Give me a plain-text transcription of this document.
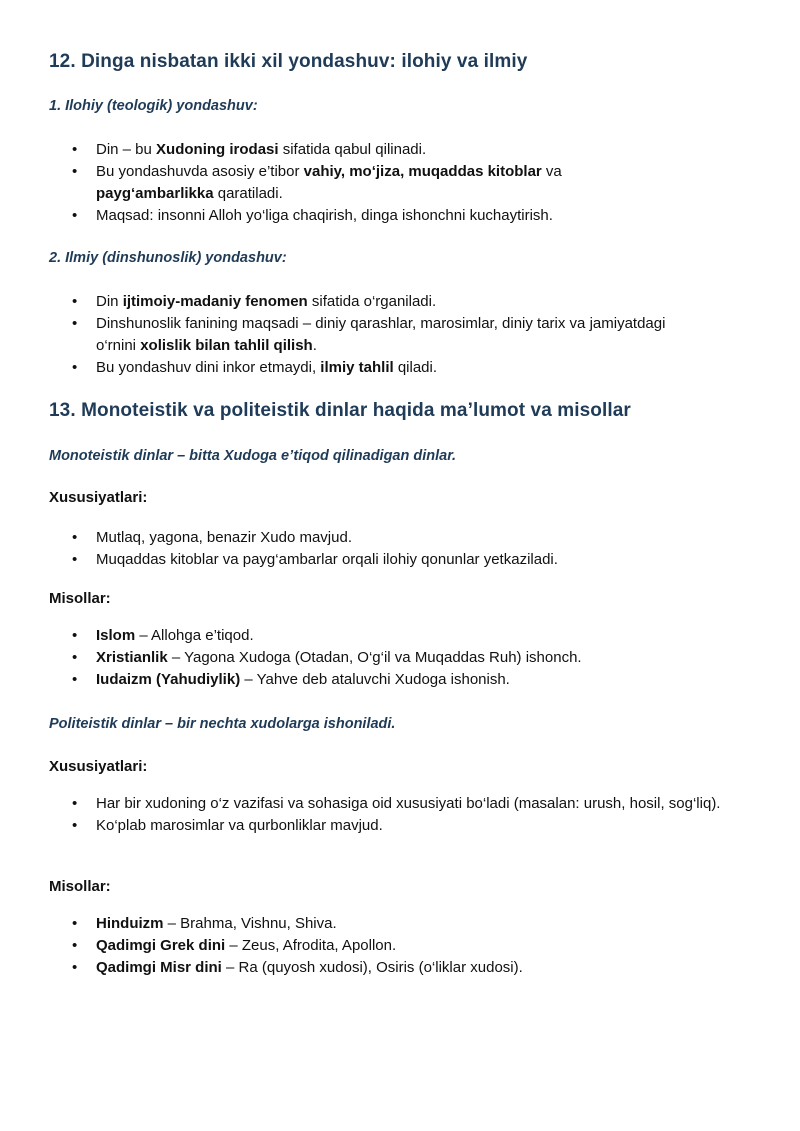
12. Dinga nisbatan ikki xil yondashuv: ilohiy va ilmiy
1. Ilohiy (teologik) yondashuv:
• Din – bu Xudoning irodasi sifatida qabul qilinadi.
• Bu yondashuvda asosiy e’tibor vahiy, mo‘jiza, muqaddas kitoblar va
payg‘ambarlikka qaratiladi.
• Maqsad: insonni Alloh yo‘liga chaqirish, dinga ishonchni kuchaytirish.
2. Ilmiy (dinshunoslik) yondashuv:
• Din ijtimoiy-madaniy fenomen sifatida o‘rganiladi.
• Dinshunoslik fanining maqsadi – diniy qarashlar, marosimlar, diniy tarix va jamiyatdagi o‘rnini xolislik bilan tahlil qilish.
• Bu yondashuv dini inkor etmaydi, ilmiy tahlil qiladi.
13. Monoteistik va politeistik dinlar haqida ma’lumot va misollar
Monoteistik dinlar – bitta Xudoga e’tiqod qilinadigan dinlar.

Xususiyatlari:

• Mutlaq, yagona, benazir Xudo mavjud.
• Muqaddas kitoblar va payg‘ambarlar orqali ilohiy qonunlar yetkaziladi.

Misollar:

• Islom – Allohga e’tiqod.
• Xristianlik – Yagona Xudoga (Otadan, O‘g‘il va Muqaddas Ruh) ishonch.
• Iudaizm (Yahudiylik) – Yahve deb ataluvchi Xudoga ishonish.
Politeistik dinlar – bir nechta xudolarga ishoniladi.

Xususiyatlari:

• Har bir xudoning o‘z vazifasi va sohasiga oid xususiyati bo‘ladi (masalan: urush, hosil, sog‘liq).
• Ko‘plab marosimlar va qurbonliklar mavjud.

Misollar:

• Hinduizm – Brahma, Vishnu, Shiva.
• Qadimgi Grek dini – Zeus, Afrodita, Apollon.
• Qadimgi Misr dini – Ra (quyosh xudosi), Osiris (o‘liklar xudosi).
